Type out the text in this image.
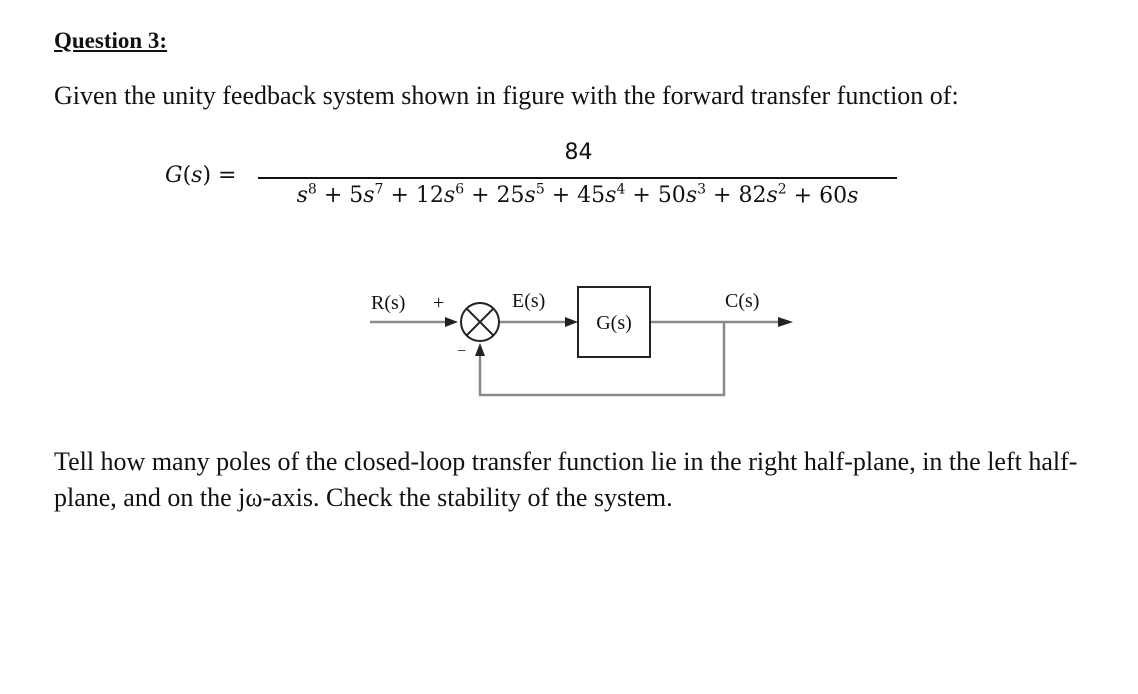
Question 3:
Given the unity feedback system shown in figure with the forward transfer function of:
G(s) =
84
$s^8 + 5s^7 + 12s^6 + 25s^5 + 45s^4 + 50s^3 + 82s^2 + 60s$
R(s) +
−
E(s)
G(s)
C(s)
Tell how many poles of the closed-loop transfer function lie in the right half-plane, in the left half-plane, and on the jω-axis. Check the stability of the system.
